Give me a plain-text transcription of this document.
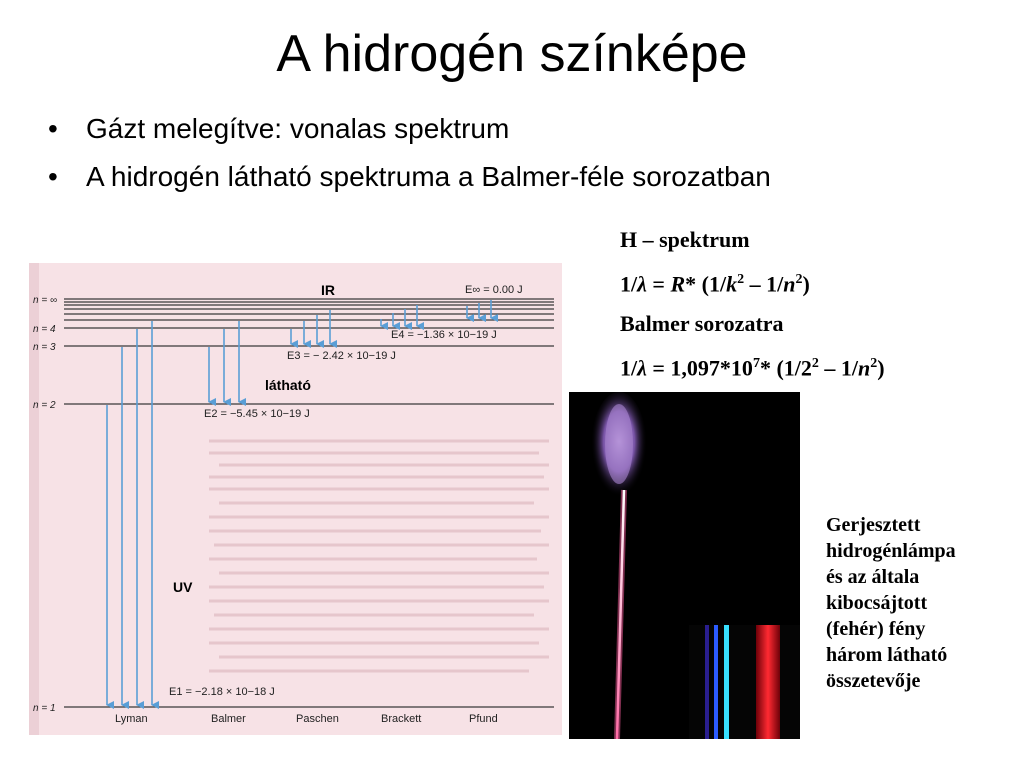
A hidrogén színképe
• Gázt melegítve: vonalas spektrum
• A hidrogén látható spektruma a Balmer-féle sorozatban
H – spektrum
1/λ = R* $(1/k^2 - 1/n^2)$
Balmer sorozatra
$1/\lambda = 1,097*10^7*$ $(1/2^2 - 1/n^2)$
n = ∞
n = 4
n = 3
n = 2
n = 1
E∞ = 0.00 J
E4 = −1.36 × 10−19 J
E3 = − 2.42 × 10−19 J
E2 = −5.45 × 10−19 J
E1 = −2.18 × 10−18 J
IR
látható
UV
Lyman	Balmer	Paschen	Brackett	Pfund
Gerjesztett
hidrogénlámpa
és az általa
kibocsájtott
(fehér) fény
három látható
összetevője
